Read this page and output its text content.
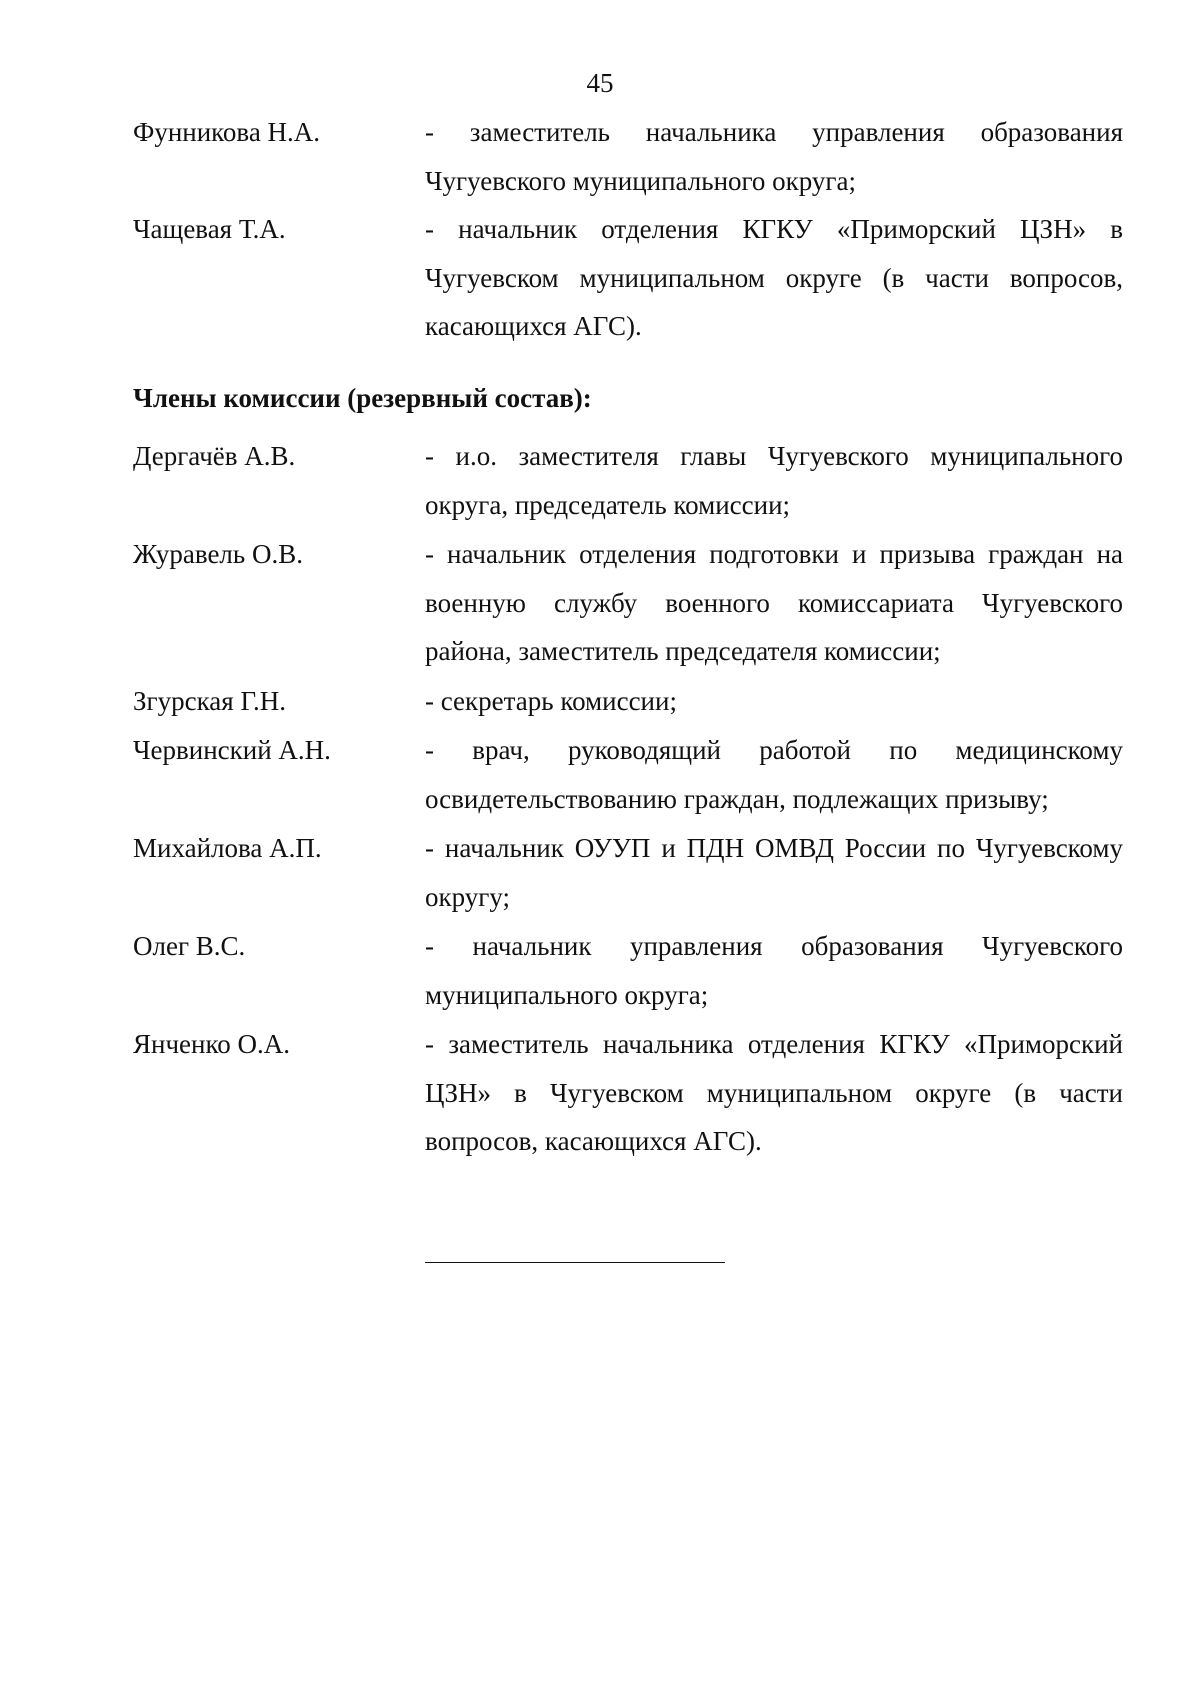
45
Фунникова Н.А.	- заместитель начальника управления образования Чугуевского муниципального округа;
Чащевая Т.А.	- начальник отделения КГКУ «Приморский ЦЗН» в Чугуевском муниципальном округе (в части вопросов, касающихся АГС).
Члены комиссии (резервный состав):
Дергачёв А.В.	- и.о. заместителя главы Чугуевского муниципального округа, председатель комиссии;
Журавель О.В.	- начальник отделения подготовки и призыва граждан на военную службу военного комиссариата Чугуевского района, заместитель председателя комиссии;
Згурская Г.Н.	- секретарь комиссии;
Червинский А.Н.	- врач, руководящий работой по медицинскому освидетельствованию граждан, подлежащих призыву;
Михайлова А.П.	- начальник ОУУП и ПДН ОМВД России по Чугуевскому округу;
Олег В.С.	- начальник управления образования Чугуевского муниципального округа;
Янченко О.А.	- заместитель начальника отделения КГКУ «Приморский ЦЗН» в Чугуевском муниципальном округе (в части вопросов, касающихся АГС).
